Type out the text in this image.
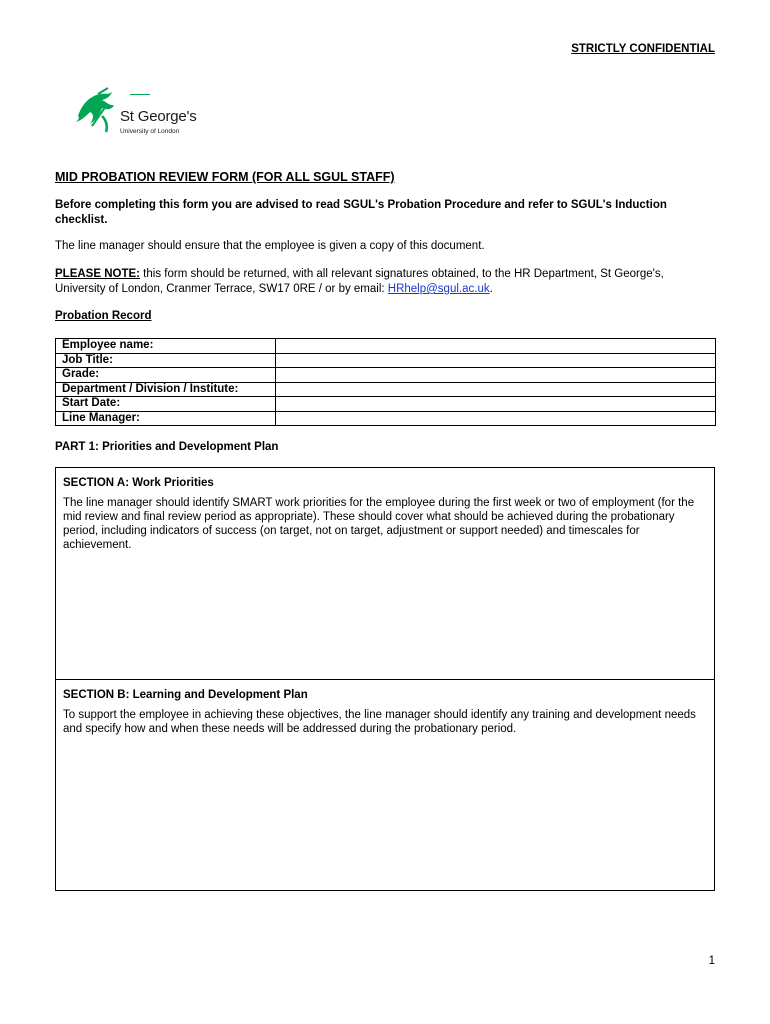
STRICTLY CONFIDENTIAL
St George's
University of London
MID PROBATION REVIEW FORM (FOR ALL SGUL STAFF)
Before completing this form you are advised to read SGUL's Probation Procedure and refer to SGUL's Induction checklist.
The line manager should ensure that the employee is given a copy of this document.
PLEASE NOTE: this form should be returned, with all relevant signatures obtained, to the HR Department, St George's, University of London, Cranmer Terrace, SW17 0RE / or by email: HRhelp@sgul.ac.uk.
Probation Record
Employee name:	
Job Title:	
Grade:	
Department / Division / Institute:	
Start Date:	
Line Manager:	
PART 1: Priorities and Development Plan
SECTION A: Work Priorities
The line manager should identify SMART work priorities for the employee during the first week or two of employment (for the mid review and final review period as appropriate). These should cover what should be achieved during the probationary period, including indicators of success (on target, not on target, adjustment or support needed) and timescales for achievement.
SECTION B: Learning and Development Plan
To support the employee in achieving these objectives, the line manager should identify any training and development needs and specify how and when these needs will be addressed during the probationary period.
1
